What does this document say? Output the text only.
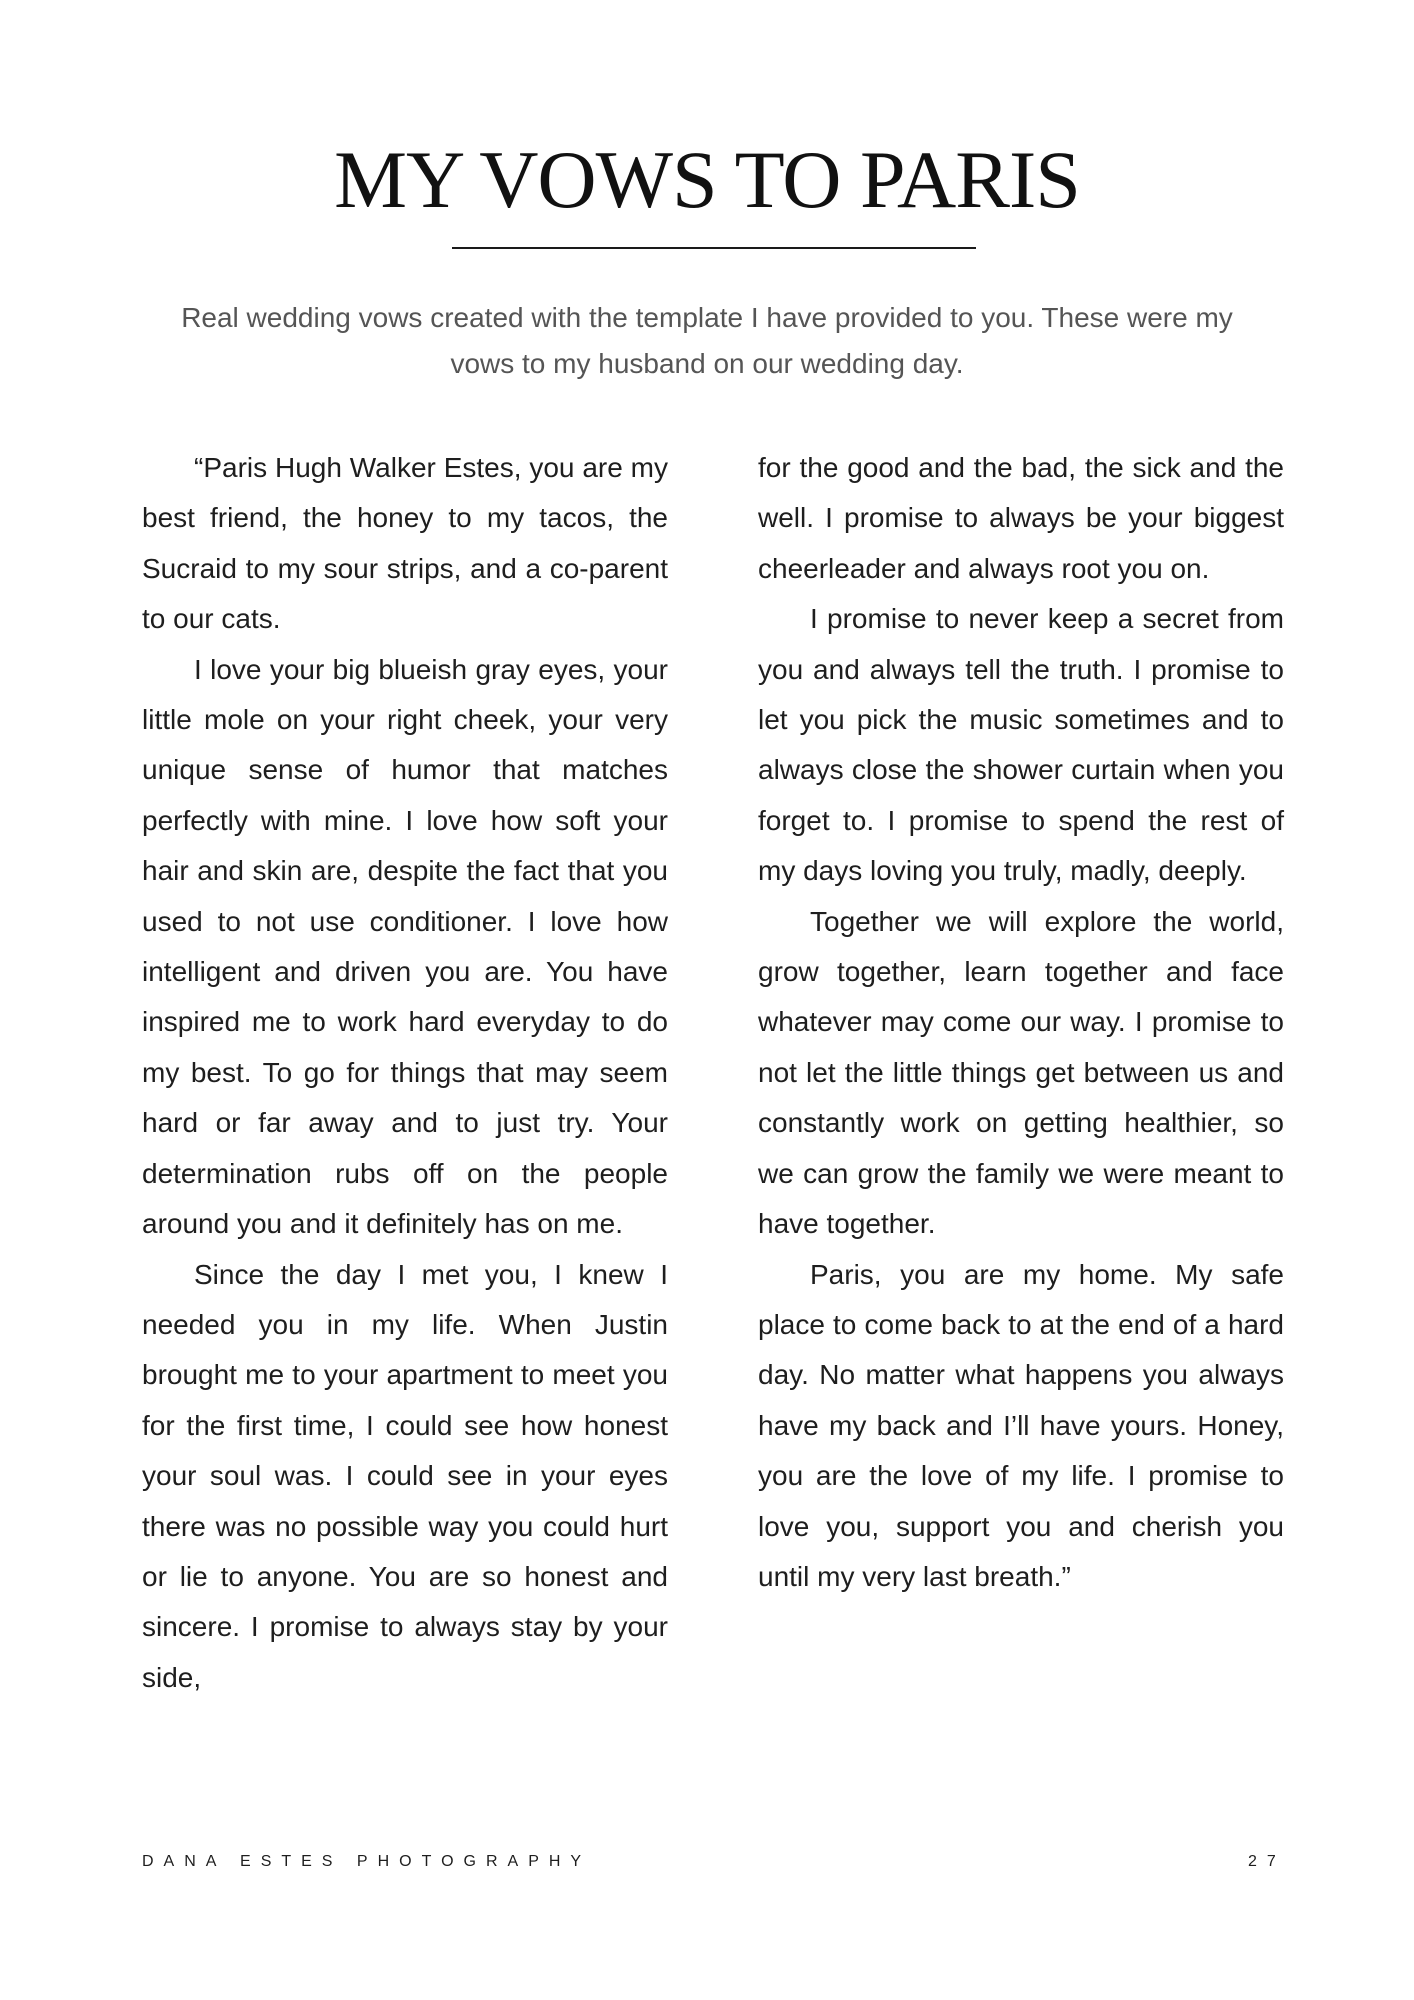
MY VOWS TO PARIS

Real wedding vows created with the template I have provided to you. These were my vows to my husband on our wedding day.

“Paris Hugh Walker Estes, you are my best friend, the honey to my tacos, the Sucraid to my sour strips, and a co-parent to our cats.

I love your big blueish gray eyes, your little mole on your right cheek, your very unique sense of humor that matches perfectly with mine. I love how soft your hair and skin are, despite the fact that you used to not use conditioner. I love how intelligent and driven you are. You have inspired me to work hard everyday to do my best. To go for things that may seem hard or far away and to just try. Your determination rubs off on the people around you and it definitely has on me.

Since the day I met you, I knew I needed you in my life. When Justin brought me to your apartment to meet you for the first time, I could see how honest your soul was. I could see in your eyes there was no possible way you could hurt or lie to anyone. You are so honest and sincere. I promise to always stay by your side,

for the good and the bad, the sick and the well. I promise to always be your biggest cheerleader and always root you on.

I promise to never keep a secret from you and always tell the truth. I promise to let you pick the music sometimes and to always close the shower curtain when you forget to. I promise to spend the rest of my days loving you truly, madly, deeply.

Together we will explore the world, grow together, learn together and face whatever may come our way. I promise to not let the little things get between us and constantly work on getting healthier, so we can grow the family we were meant to have together.

Paris, you are my home. My safe place to come back to at the end of a hard day. No matter what happens you always have my back and I’ll have yours. Honey, you are the love of my life. I promise to love you, support you and cherish you until my very last breath.”

DANA ESTES PHOTOGRAPHY	27
